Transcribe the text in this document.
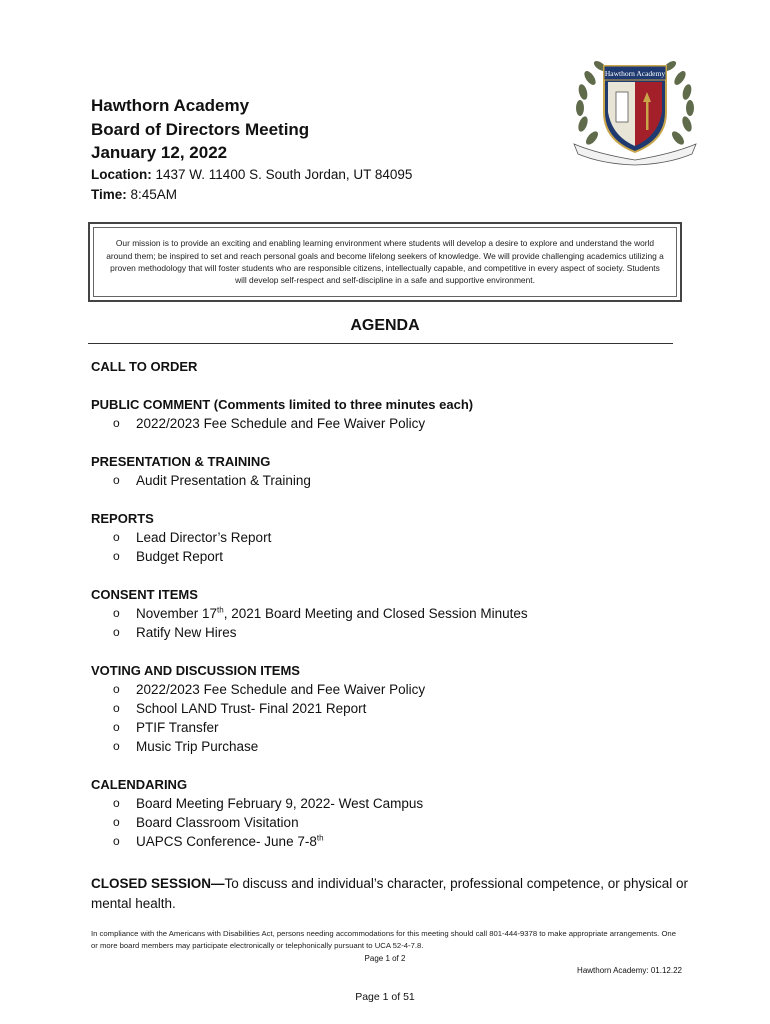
Hawthorn Academy
Board of Directors Meeting
January 12, 2022
Location: 1437 W. 11400 S. South Jordan, UT 84095
Time: 8:45AM
Hawthorn Academy
Our mission is to provide an exciting and enabling learning environment where students will develop a desire to explore and understand the world around them; be inspired to set and reach personal goals and become lifelong seekers of knowledge. We will provide challenging academics utilizing a proven methodology that will foster students who are responsible citizens, intellectually capable, and competitive in every aspect of society. Students will develop self-respect and self-discipline in a safe and supportive environment.
AGENDA
CALL TO ORDER
PUBLIC COMMENT (Comments limited to three minutes each)
o 2022/2023 Fee Schedule and Fee Waiver Policy
PRESENTATION & TRAINING
o Audit Presentation & Training
REPORTS
o Lead Director’s Report
o Budget Report
CONSENT ITEMS
o November 17th, 2021 Board Meeting and Closed Session Minutes
o Ratify New Hires
VOTING AND DISCUSSION ITEMS
o 2022/2023 Fee Schedule and Fee Waiver Policy
o School LAND Trust- Final 2021 Report
o PTIF Transfer
o Music Trip Purchase
CALENDARING
o Board Meeting February 9, 2022- West Campus
o Board Classroom Visitation
o UAPCS Conference- June 7-8th
CLOSED SESSION—To discuss and individual’s character, professional competence, or physical or mental health.
In compliance with the Americans with Disabilities Act, persons needing accommodations for this meeting should call 801-444-9378 to make appropriate arrangements. One or more board members may participate electronically or telephonically pursuant to UCA 52-4-7.8.
Page 1 of 2
Hawthorn Academy: 01.12.22
Page 1 of 51
